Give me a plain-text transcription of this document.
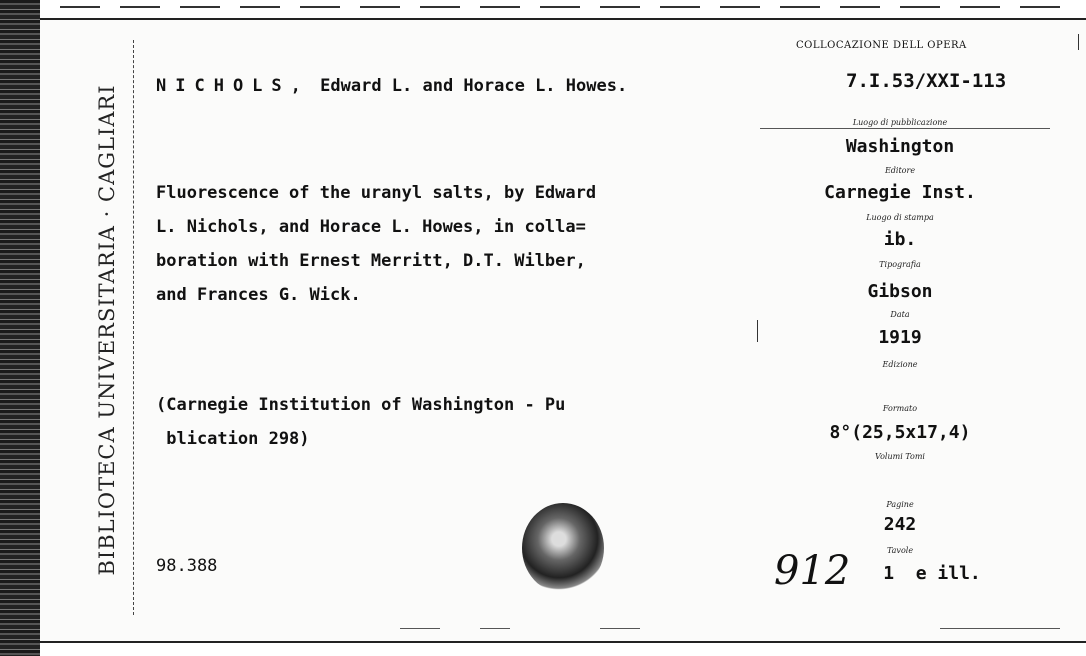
BIBLIOTECA UNIVERSITARIA · CAGLIARI NICHOLS, Edward L. and Horace L. Howes.
Fluorescence of the uranyl salts, by Edward
L. Nichols, and Horace L. Howes, in colla=
boration with Ernest Merritt, D.T. Wilber,
and Frances G. Wick.
(Carnegie Institution of Washington - Pu
blication 298)
98.388
COLLOCAZIONE DELL OPERA
7.I.53/XXI-113
Luogo di pubblicazione
Washington
Editore
Carnegie Inst.
Luogo di stampa
ib.
Tipografia
Gibson
Data
1919
Edizione
Formato
8°(25,5x17,4)
Volumi Tomi
Pagine
242
Tavole
1  e ill.
912
